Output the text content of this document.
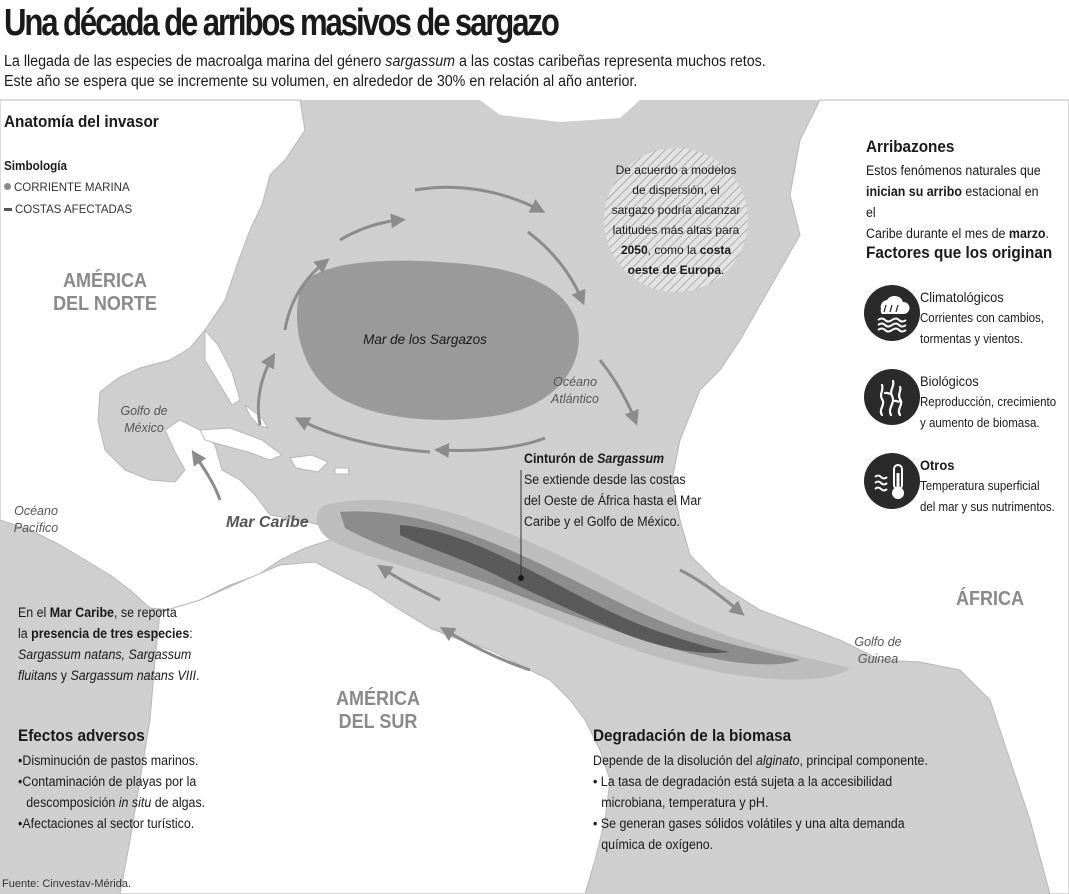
Una década de arribos masivos de sargazo
La llegada de las especies de macroalga marina del género sargassum a las costas caribeñas representa muchos retos.
Este año se espera que se incremente su volumen, en alrededor de 30% en relación al año anterior.
Anatomía del invasor
Simbología
CORRIENTE MARINA
COSTAS AFECTADAS
AMÉRICA
DEL NORTE
AMÉRICA
DEL SUR
ÁFRICA
Golfo de
México
Océano
Pacífico
Océano
Atlántico
Mar Caribe
Mar de los Sargazos
Golfo de
Guinea
De acuerdo a modelos
de dispersión, el
sargazo podría alcanzar
latitudes más altas para
2050, como la costa
oeste de Europa.
Cinturón de Sargassum
Se extiende desde las costas
del Oeste de África hasta el Mar
Caribe y el Golfo de México.
En el Mar Caribe, se reporta
la presencia de tres especies:
Sargassum natans, Sargassum
fluitans y Sargassum natans VIII.
Arribazones
Estos fenómenos naturales que
inician su arribo estacional en el
Caribe durante el mes de marzo.
Factores que los originan
Climatológicos
Corrientes con cambios,
tormentas y vientos.
Biológicos
Reproducción, crecimiento
y aumento de biomasa.
Otros
Temperatura superficial
del mar y sus nutrimentos.
Efectos adversos
•Disminución de pastos marinos.
•Contaminación de playas por la
descomposición in situ de algas.
•Afectaciones al sector turístico.
Degradación de la biomasa
Depende de la disolución del alginato, principal componente.
• La tasa de degradación está sujeta a la accesibilidad
microbiana, temperatura y pH.
• Se generan gases sólidos volátiles y una alta demanda
química de oxígeno.
Fuente: Cinvestav-Mérida.
